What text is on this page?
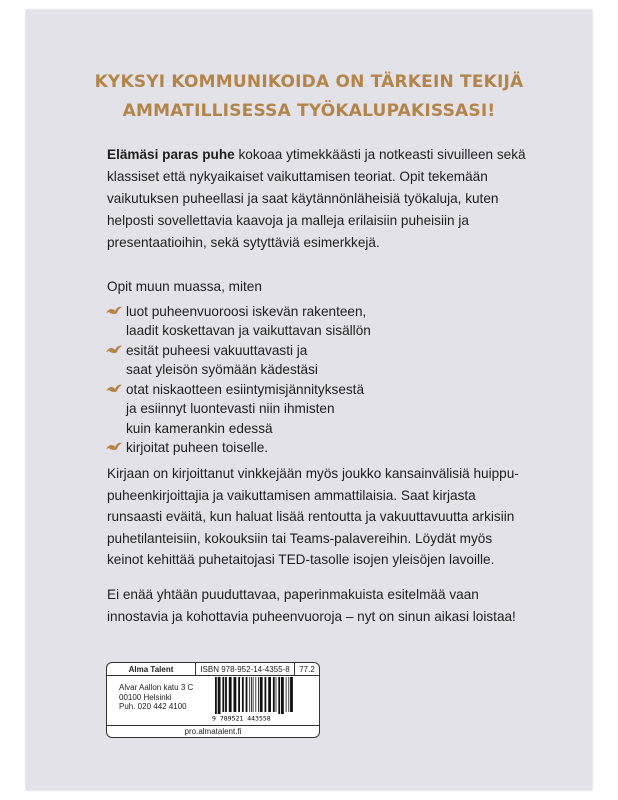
KYKSYI KOMMUNIKOIDA ON TÄRKEIN TEKIJÄ
AMMATILLISESSA TYÖKALUPAKISSASI!
Elämäsi paras puhe kokoaa ytimekkäästi ja notkeasti sivuilleen sekä
klassiset että nykyaikaiset vaikuttamisen teoriat. Opit tekemään
vaikutuksen puheellasi ja saat käytännönläheisiä työkaluja, kuten
helposti sovellettavia kaavoja ja malleja erilaisiin puheisiin ja
presentaatioihin, sekä sytyttäviä esimerkkejä.
Opit muun muassa, miten
luot puheenvuoroosi iskevän rakenteen,
laadit koskettavan ja vaikuttavan sisällön
esität puheesi vakuuttavasti ja
saat yleisön syömään kädestäsi
otat niskaotteen esiintymisjännityksestä
ja esiinnyt luontevasti niin ihmisten
kuin kamerankin edessä
kirjoitat puheen toiselle.
Kirjaan on kirjoittanut vinkkejään myös joukko kansainvälisiä huippu-
puheenkirjoittajia ja vaikuttamisen ammattilaisia. Saat kirjasta
runsaasti eväitä, kun haluat lisää rentoutta ja vakuuttavuutta arkisiin
puhetilanteisiin, kokouksiin tai Teams-palavereihin. Löydät myös
keinot kehittää puhetaitojasi TED-tasolle isojen yleisöjen lavoille.
Ei enää yhtään puuduttavaa, paperinmakuista esitelmää vaan
innostavia ja kohottavia puheenvuoroja – nyt on sinun aikasi loistaa!
Alma Talent	ISBN 978-952-14-4355-8	77.2
Alvar Aallon katu 3 C
00100 Helsinki
Puh. 020 442 4100
9 789521 443558
pro.almatalent.fi
